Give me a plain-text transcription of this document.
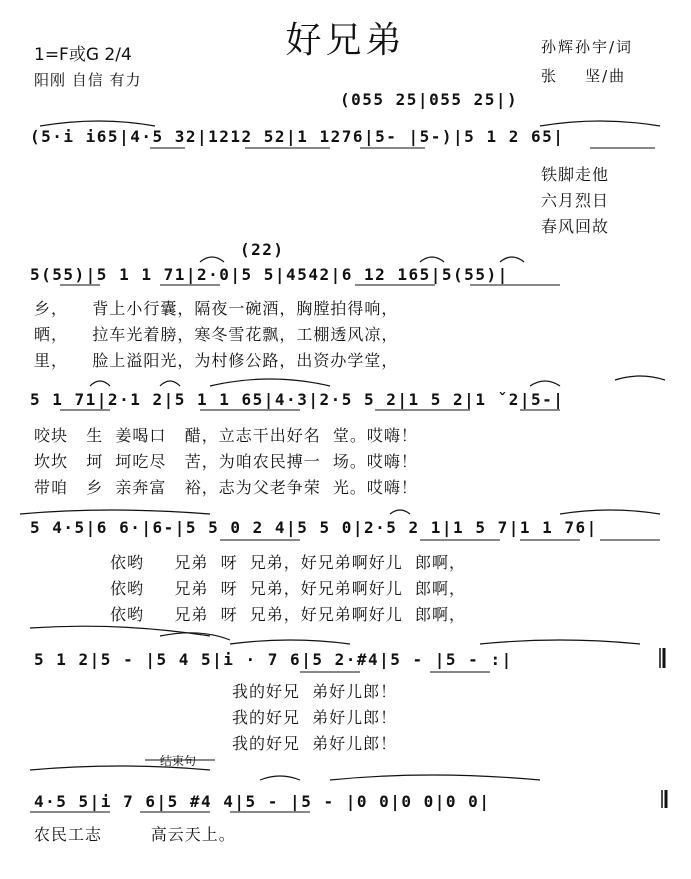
好兄弟
1=F或G 2/4
阳刚 自信 有力
孙辉孙宇/词
张    坚/曲
(055 25|055 25|)
(5·i i65|4·5 32|1212 52|1 1276|5- |5-)|5 1 2 65|
铁脚走他
六月烈日
春风回故
(22)
5(55)|5 1 1 71|2·0|5 5|4542|6 12 165|5(55)|
乡，    背上小行囊，隔夜一碗酒，胸膛拍得响，
晒，    拉车光着膀，寒冬雪花飘，工棚透风凉，
里，    脸上溢阳光，为村修公路，出资办学堂，
5 1 71|2·1 2|5 1 1 65|4·3|2·5 5 2|1 5 2|1 ˇ2|5-|
咬块   生  姜喝口   醋，立志干出好名  堂。哎嗨！
坎坎   坷  坷吃尽   苦，为咱农民搏一  场。哎嗨！
带咱   乡  亲奔富   裕，志为父老争荣  光。哎嗨！
5 4·5|6 6·|6-|5 5 0 2 4|5 5 0|2·5 2 1|1 5 7|1 1 76|
依哟     兄弟  呀  兄弟，好兄弟啊好儿  郎啊，
依哟     兄弟  呀  兄弟，好兄弟啊好儿  郎啊，
依哟     兄弟  呀  兄弟，好兄弟啊好儿  郎啊，
5 1 2|5 - |5 4 5|i · 7 6|5 2·#4|5 - |5 - :|
我的好兄  弟好儿郎！
我的好兄  弟好儿郎！
我的好兄  弟好儿郎！
结束句
4·5 5|i 7 6|5 #4 4|5 - |5 - |0 0|0 0|0 0|
农民工志        高云天上。
